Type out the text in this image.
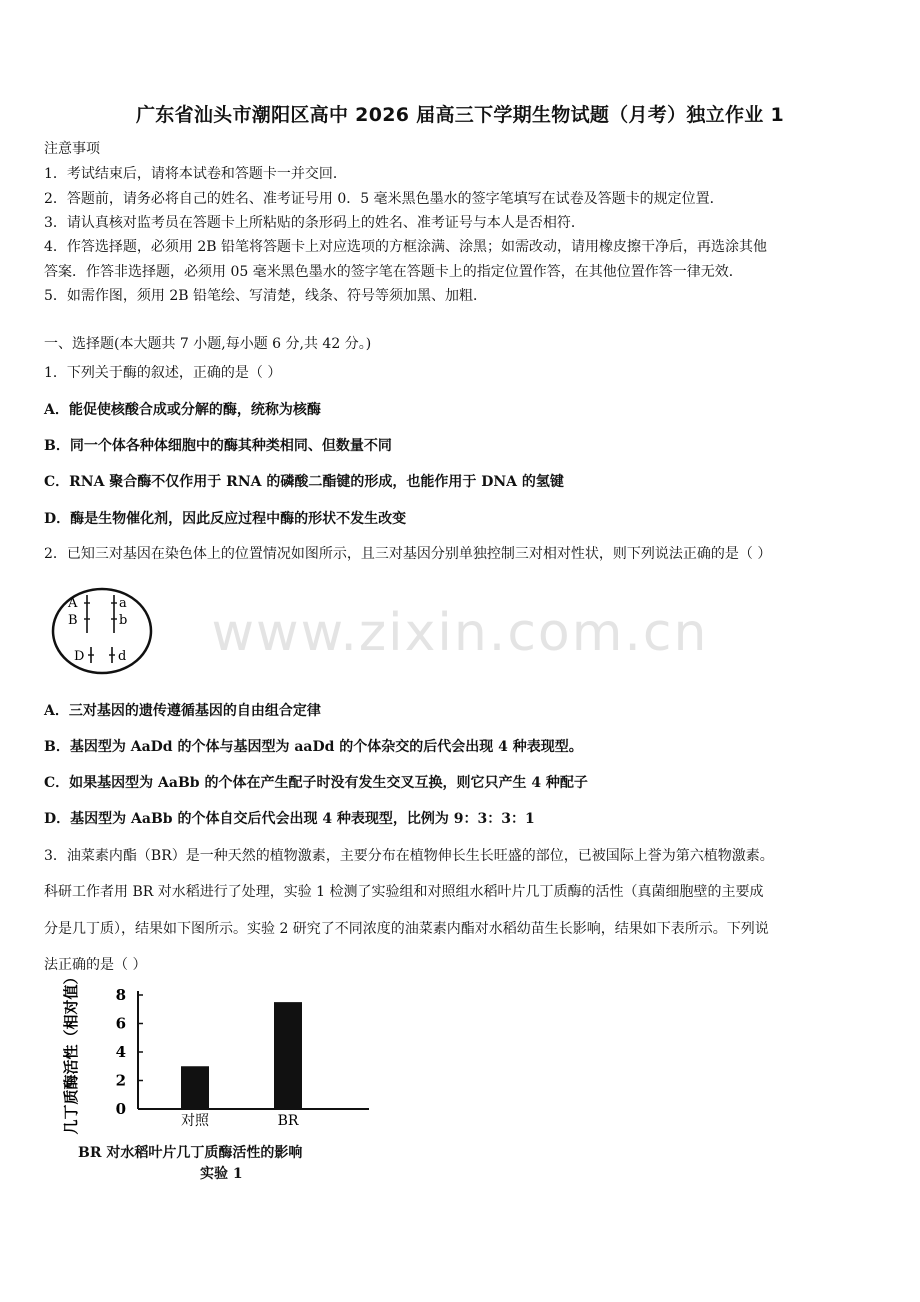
www.zixin.com.cn
广东省汕头市潮阳区高中 2026 届高三下学期生物试题（月考）独立作业 1
注意事项
1．考试结束后，请将本试卷和答题卡一并交回．
2．答题前，请务必将自己的姓名、准考证号用 0．5 毫米黑色墨水的签字笔填写在试卷及答题卡的规定位置．
3．请认真核对监考员在答题卡上所粘贴的条形码上的姓名、准考证号与本人是否相符．
4．作答选择题，必须用 2B 铅笔将答题卡上对应选项的方框涂满、涂黑；如需改动，请用橡皮擦干净后，再选涂其他
答案．作答非选择题，必须用 05 毫米黑色墨水的签字笔在答题卡上的指定位置作答，在其他位置作答一律无效．
5．如需作图，须用 2B 铅笔绘、写清楚，线条、符号等须加黑、加粗．
一、选择题(本大题共 7 小题,每小题 6 分,共 42 分。)
1．下列关于酶的叙述，正确的是（ ）
A．能促使核酸合成或分解的酶，统称为核酶
B．同一个体各种体细胞中的酶其种类相同、但数量不同
C．RNA 聚合酶不仅作用于 RNA 的磷酸二酯键的形成，也能作用于 DNA 的氢键
D．酶是生物催化剂，因此反应过程中酶的形状不发生改变
2．已知三对基因在染色体上的位置情况如图所示，且三对基因分别单独控制三对相对性状，则下列说法正确的是（ ）
A
B
D
a
b
d
A．三对基因的遗传遵循基因的自由组合定律
B．基因型为 AaDd 的个体与基因型为 aaDd 的个体杂交的后代会出现 4 种表现型。
C．如果基因型为 AaBb 的个体在产生配子时没有发生交叉互换，则它只产生 4 种配子
D．基因型为 AaBb 的个体自交后代会出现 4 种表现型，比例为 9：3：3：1
3．油菜素内酯（BR）是一种天然的植物激素，主要分布在植物伸长生长旺盛的部位，已被国际上誉为第六植物激素。
科研工作者用 BR 对水稻进行了处理，实验 1 检测了实验组和对照组水稻叶片几丁质酶的活性（真菌细胞壁的主要成
分是几丁质），结果如下图所示。实验 2 研究了不同浓度的油菜素内酯对水稻幼苗生长影响，结果如下表所示。下列说
法正确的是（ ）
几丁质酶活性（相对值） 0
2
4
6
8
对照	BR
BR 对水稻叶片几丁质酶活性的影响
实验 1
